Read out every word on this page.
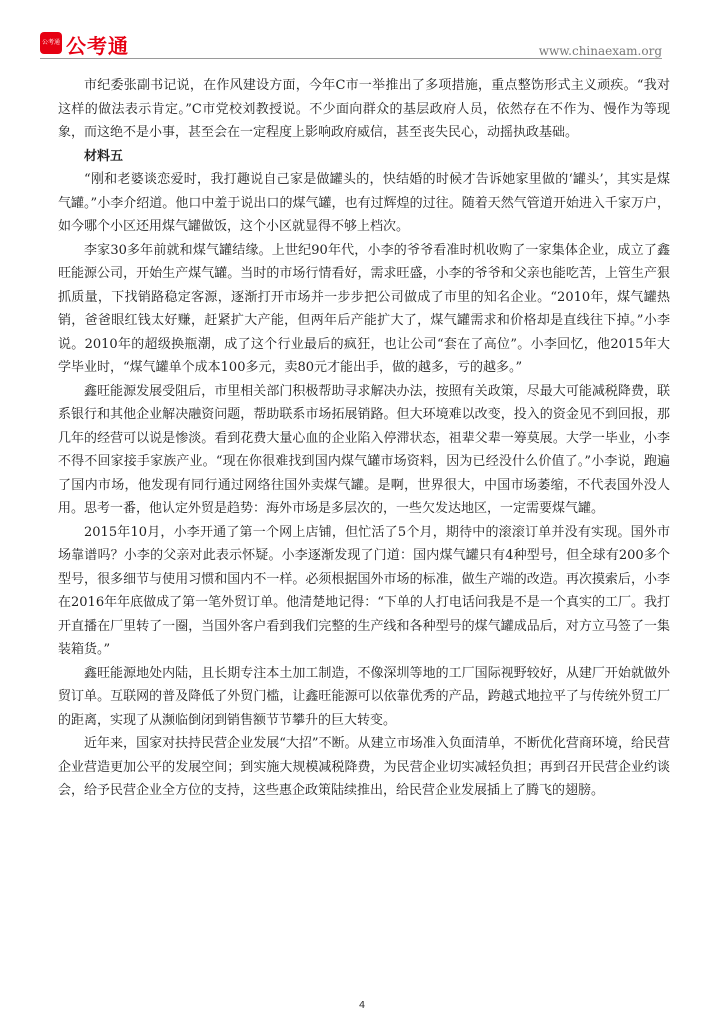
公考通 公考通	www.chinaexam.org

市纪委张副书记说，在作风建设方面，今年C市一举推出了多项措施，重点整饬形式主义顽疾。“我对这样的做法表示肯定。”C市党校刘教授说。不少面向群众的基层政府人员，依然存在不作为、慢作为等现象，而这绝不是小事，甚至会在一定程度上影响政府威信，甚至丧失民心，动摇执政基础。

材料五

“刚和老婆谈恋爱时，我打趣说自己家是做罐头的，快结婚的时候才告诉她家里做的‘罐头’，其实是煤气罐。”小李介绍道。他口中羞于说出口的煤气罐，也有过辉煌的过往。随着天然气管道开始进入千家万户，如今哪个小区还用煤气罐做饭，这个小区就显得不够上档次。

李家30多年前就和煤气罐结缘。上世纪90年代，小李的爷爷看准时机收购了一家集体企业，成立了鑫旺能源公司，开始生产煤气罐。当时的市场行情看好，需求旺盛，小李的爷爷和父亲也能吃苦，上管生产狠抓质量，下找销路稳定客源，逐渐打开市场并一步步把公司做成了市里的知名企业。“2010年，煤气罐热销，爸爸眼红钱太好赚，赶紧扩大产能，但两年后产能扩大了，煤气罐需求和价格却是直线往下掉。”小李说。2010年的超级换瓶潮，成了这个行业最后的疯狂，也让公司“套在了高位”。小李回忆，他2015年大学毕业时，“煤气罐单个成本100多元，卖80元才能出手，做的越多，亏的越多。”

鑫旺能源发展受阻后，市里相关部门积极帮助寻求解决办法，按照有关政策，尽最大可能减税降费，联系银行和其他企业解决融资问题，帮助联系市场拓展销路。但大环境难以改变，投入的资金见不到回报，那几年的经营可以说是惨淡。看到花费大量心血的企业陷入停滞状态，祖辈父辈一筹莫展。大学一毕业，小李不得不回家接手家族产业。“现在你很难找到国内煤气罐市场资料，因为已经没什么价值了。”小李说，跑遍了国内市场，他发现有同行通过网络往国外卖煤气罐。是啊，世界很大，中国市场萎缩，不代表国外没人用。思考一番，他认定外贸是趋势：海外市场是多层次的，一些欠发达地区，一定需要煤气罐。

2015年10月，小李开通了第一个网上店铺，但忙活了5个月，期待中的滚滚订单并没有实现。国外市场靠谱吗？小李的父亲对此表示怀疑。小李逐渐发现了门道：国内煤气罐只有4种型号，但全球有200多个型号，很多细节与使用习惯和国内不一样。必须根据国外市场的标准，做生产端的改造。再次摸索后，小李在2016年年底做成了第一笔外贸订单。他清楚地记得：“下单的人打电话问我是不是一个真实的工厂。我打开直播在厂里转了一圈，当国外客户看到我们完整的生产线和各种型号的煤气罐成品后，对方立马签了一集装箱货。”

鑫旺能源地处内陆，且长期专注本土加工制造，不像深圳等地的工厂国际视野较好，从建厂开始就做外贸订单。互联网的普及降低了外贸门槛，让鑫旺能源可以依靠优秀的产品，跨越式地拉平了与传统外贸工厂的距离，实现了从濒临倒闭到销售额节节攀升的巨大转变。

近年来，国家对扶持民营企业发展“大招”不断。从建立市场准入负面清单，不断优化营商环境，给民营企业营造更加公平的发展空间；到实施大规模减税降费，为民营企业切实减轻负担；再到召开民营企业约谈会，给予民营企业全方位的支持，这些惠企政策陆续推出，给民营企业发展插上了腾飞的翅膀。

4
